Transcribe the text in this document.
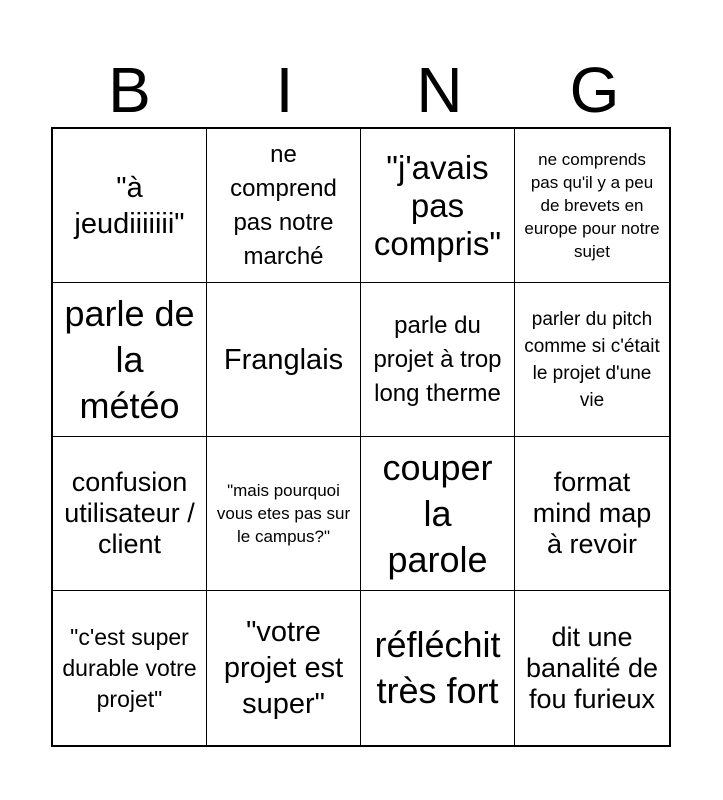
B	I	N	G
"à jeudiiiiiii"
ne comprend pas notre marché
"j'avais pas compris"
ne comprends pas qu'il y a peu de brevets en europe pour notre sujet
parle de la météo
Franglais
parle du projet à trop long therme
parler du pitch comme si c'était le projet d'une vie
confusion utilisateur / client
"mais pourquoi vous etes pas sur le campus?"
couper la parole
format mind map à revoir
"c'est super durable votre projet"
"votre projet est super"
réfléchit très fort
dit une banalité de fou furieux
